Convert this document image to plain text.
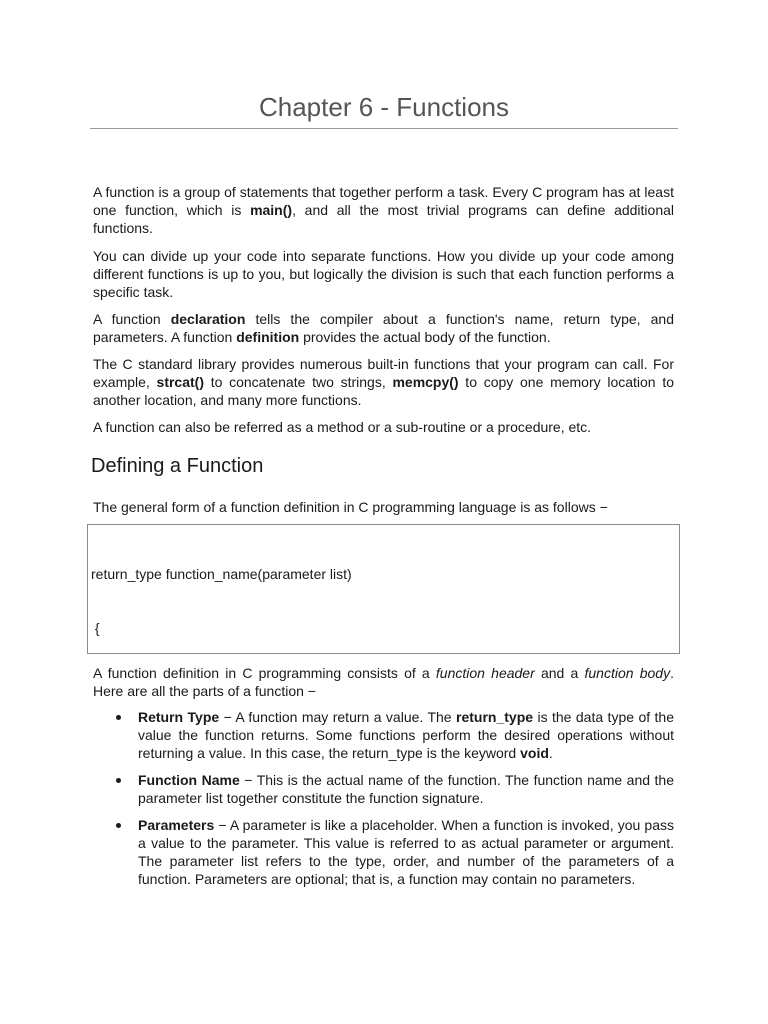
Chapter 6 - Functions

A function is a group of statements that together perform a task. Every C program has at least one function, which is main(), and all the most trivial programs can define additional functions.

You can divide up your code into separate functions. How you divide up your code among different functions is up to you, but logically the division is such that each function performs a specific task.

A function declaration tells the compiler about a function's name, return type, and parameters. A function definition provides the actual body of the function.

The C standard library provides numerous built-in functions that your program can call. For example, strcat() to concatenate two strings, memcpy() to copy one memory location to another location, and many more functions.

A function can also be referred as a method or a sub-routine or a procedure, etc.

Defining a Function

The general form of a function definition in C programming language is as follows −

return_type function_name(parameter list)

{

A function definition in C programming consists of a function header and a function body. Here are all the parts of a function −

Return Type − A function may return a value. The return_type is the data type of the value the function returns. Some functions perform the desired operations without returning a value. In this case, the return_type is the keyword void.
Function Name − This is the actual name of the function. The function name and the parameter list together constitute the function signature.
Parameters − A parameter is like a placeholder. When a function is invoked, you pass a value to the parameter. This value is referred to as actual parameter or argument. The parameter list refers to the type, order, and number of the parameters of a function. Parameters are optional; that is, a function may contain no parameters.
